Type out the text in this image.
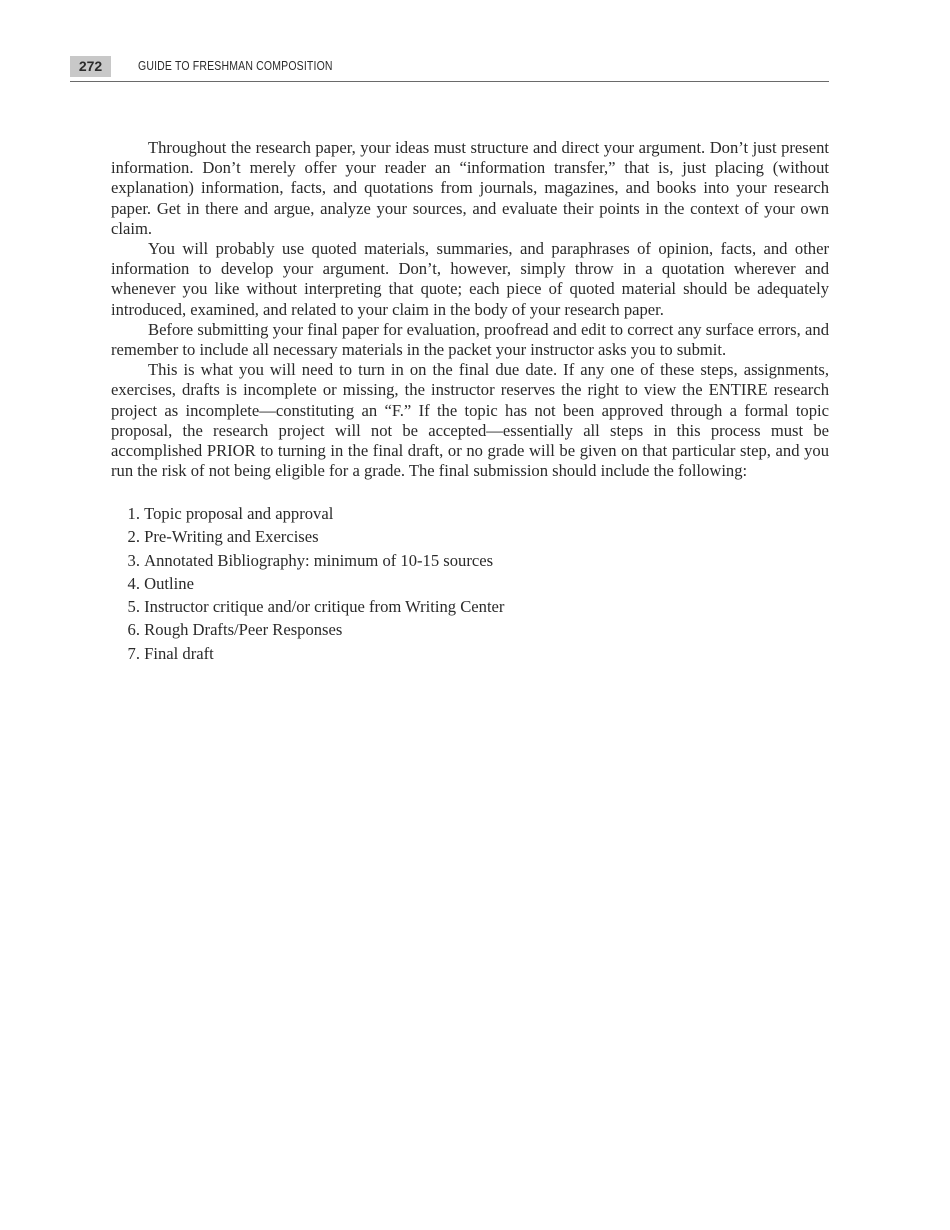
272	GUIDE TO FRESHMAN COMPOSITION

Throughout the research paper, your ideas must structure and direct your argument. Don’t just present information. Don’t merely offer your reader an “information transfer,” that is, just placing (without explanation) information, facts, and quotations from journals, magazines, and books into your research paper. Get in there and argue, analyze your sources, and evaluate their points in the context of your own claim.

You will probably use quoted materials, summaries, and paraphrases of opinion, facts, and other information to develop your argument. Don’t, however, simply throw in a quotation wherever and whenever you like without interpreting that quote; each piece of quoted material should be adequately introduced, examined, and related to your claim in the body of your research paper.

Before submitting your final paper for evaluation, proofread and edit to correct any surface errors, and remember to include all necessary materials in the packet your instructor asks you to submit.

This is what you will need to turn in on the final due date. If any one of these steps, assignments, exercises, drafts is incomplete or missing, the instructor reserves the right to view the ENTIRE research project as incomplete—constituting an “F.” If the topic has not been approved through a formal topic proposal, the research project will not be accepted—essentially all steps in this process must be accomplished PRIOR to turning in the final draft, or no grade will be given on that particular step, and you run the risk of not being eligible for a grade. The final submission should include the following:

1.
Topic proposal and approval
2.
Pre-Writing and Exercises
3.
Annotated Bibliography: minimum of 10-15 sources
4.
Outline
5.
Instructor critique and/or critique from Writing Center
6.
Rough Drafts/Peer Responses
7.
Final draft
